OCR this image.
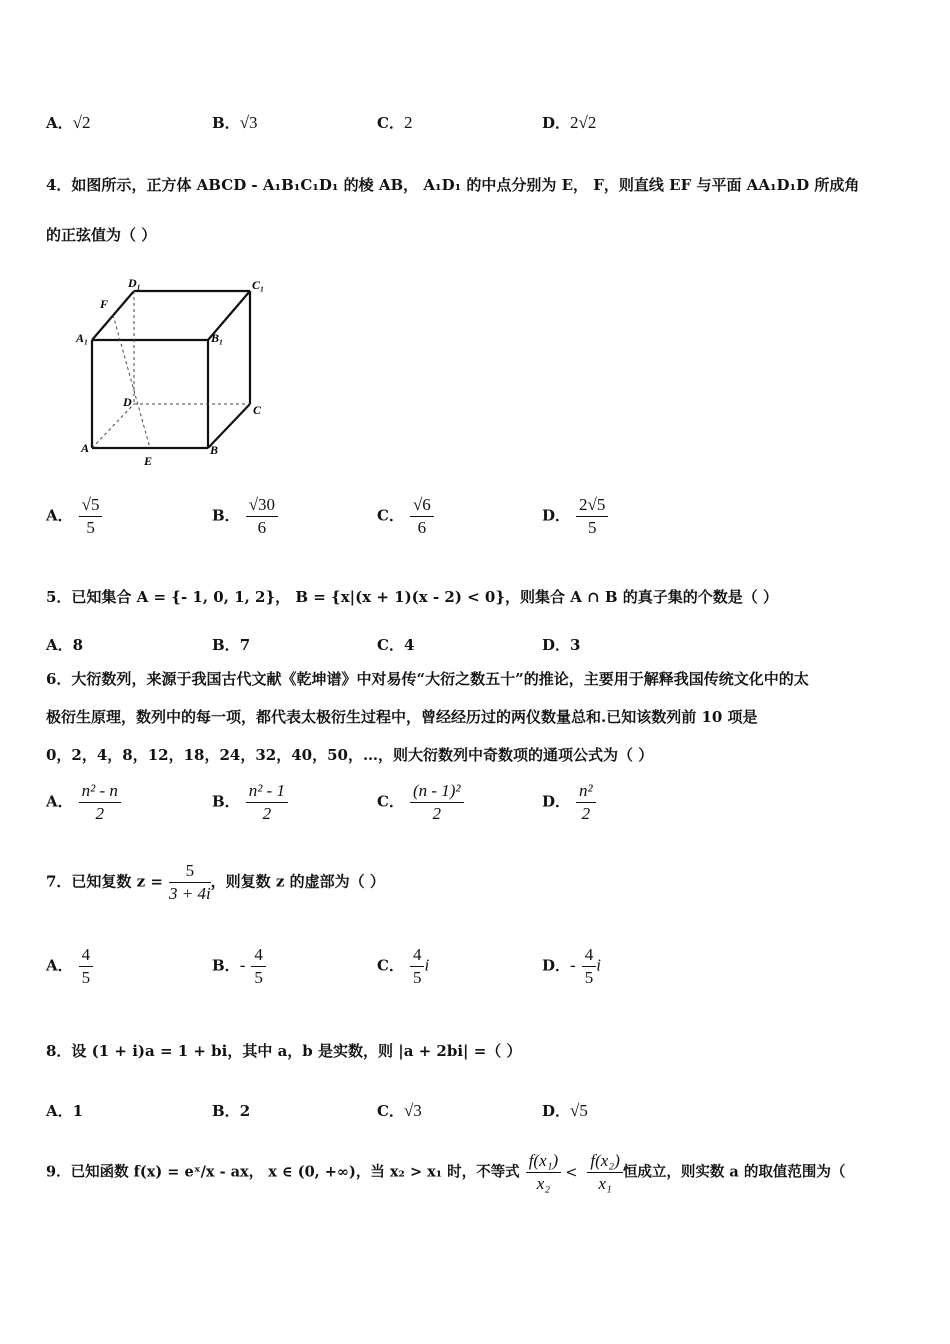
A．√2	B．√3	C．2	D．2√2
4．如图所示，正方体 ABCD - A₁B₁C₁D₁ 的棱 AB， A₁D₁ 的中点分别为 E， F，则直线 EF 与平面 AA₁D₁D 所成角
的正弦值为（ ）
D₁	C₁
F
A₁	B₁
D
C
A
E
B
A． $\frac{√5}{5}$	B． $\frac{√30}{6}$	C． $\frac{√6}{6}$	D． $\frac{2√5}{5}$
5．已知集合 A = {- 1, 0, 1, 2}， B = {x|(x + 1)(x - 2) < 0}，则集合 A ∩ B 的真子集的个数是（ ）
A．8	B．7	C．4	D．3
6．大衍数列，来源于我国古代文献《乾坤谱》中对易传“大衍之数五十”的推论，主要用于解释我国传统文化中的太
极衍生原理，数列中的每一项，都代表太极衍生过程中，曾经经历过的两仪数量总和.已知该数列前 10 项是
0，2，4，8，12，18，24，32，40，50，…，则大衍数列中奇数项的通项公式为（ ）
A． $\frac{\text{n² - n}}{2}$	B． $\frac{\text{n² - 1}}{2}$	C． $\frac{\text{(n - 1)²}}{2}$	D． $\frac{\text{n²}}{2}$
7．已知复数 $z = \frac{5}{3 + 4i}$ ，则复数 z 的虚部为（ ）
A． $\frac{4}{5}$	B．- $\frac{4}{5}$	C． $\frac{4}{5}$ i	D．- $\frac{4}{5}$ i
8．设 (1 + i)a = 1 + bi，其中 a，b 是实数，则 |a + 2bi| =（ ）
A．1	B．2	C．√3	D．√5
9．已知函数 f(x) = eˣ/x - ax， x ∈ (0, +∞)，当 x₂ > x₁ 时，不等式 $\frac{\text{f(x₁)}}{\text{x₂}} < \frac{\text{f(x₂)}}{\text{x₁}}$ 恒成立，则实数 a 的取值范围为（
